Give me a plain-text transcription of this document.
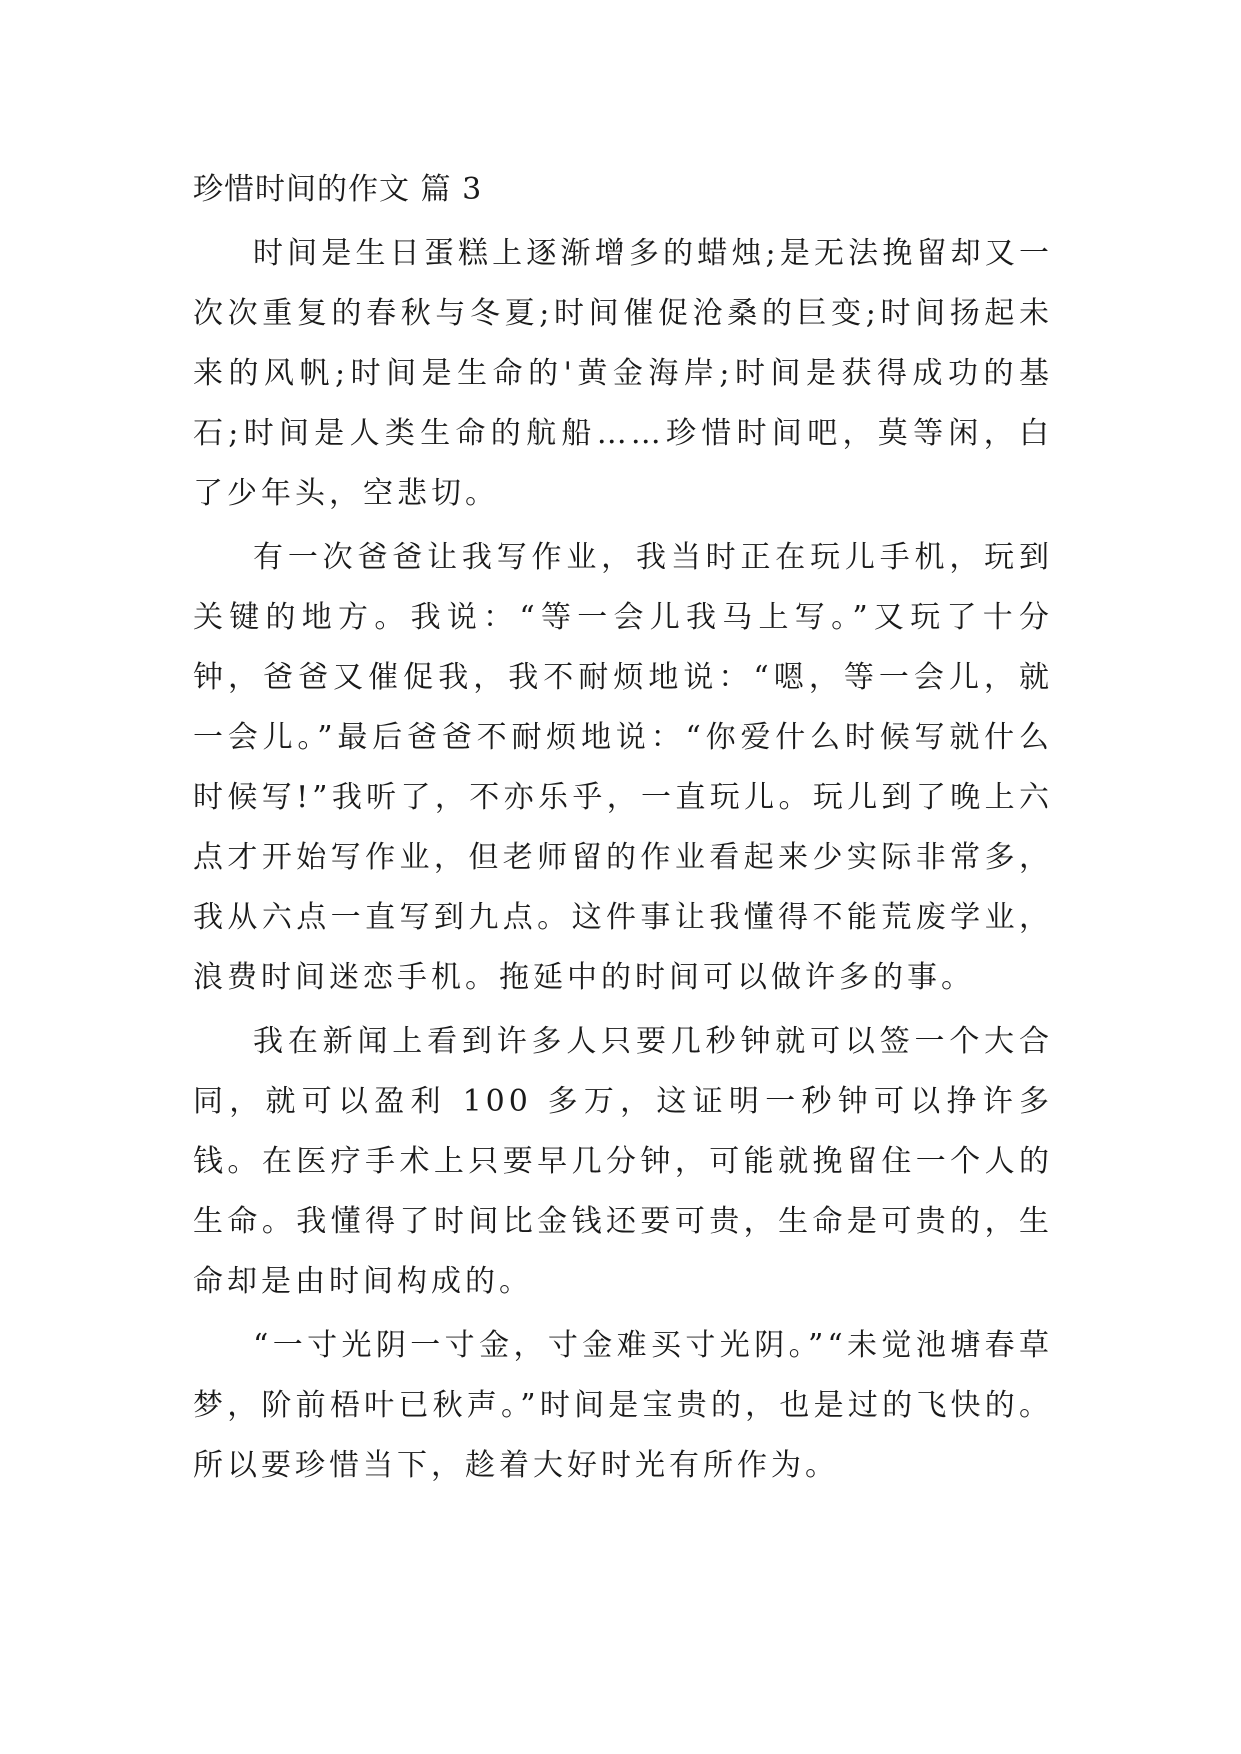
珍惜时间的作文 篇 3

时间是生日蛋糕上逐渐增多的蜡烛;是无法挽留却又一次次重复的春秋与冬夏;时间催促沧桑的巨变;时间扬起未来的风帆;时间是生命的'黄金海岸;时间是获得成功的基石;时间是人类生命的航船……珍惜时间吧，莫等闲，白了少年头，空悲切。

有一次爸爸让我写作业，我当时正在玩儿手机，玩到关键的地方。我说：“等一会儿我马上写。”又玩了十分钟，爸爸又催促我，我不耐烦地说：“嗯，等一会儿，就一会儿。”最后爸爸不耐烦地说：“你爱什么时候写就什么时候写!”我听了，不亦乐乎，一直玩儿。玩儿到了晚上六点才开始写作业，但老师留的作业看起来少实际非常多，我从六点一直写到九点。这件事让我懂得不能荒废学业，浪费时间迷恋手机。拖延中的时间可以做许多的事。

我在新闻上看到许多人只要几秒钟就可以签一个大合同，就可以盈利 100 多万，这证明一秒钟可以挣许多钱。在医疗手术上只要早几分钟，可能就挽留住一个人的生命。我懂得了时间比金钱还要可贵，生命是可贵的，生命却是由时间构成的。

“一寸光阴一寸金，寸金难买寸光阴。”“未觉池塘春草梦，阶前梧叶已秋声。”时间是宝贵的，也是过的飞快的。所以要珍惜当下，趁着大好时光有所作为。
